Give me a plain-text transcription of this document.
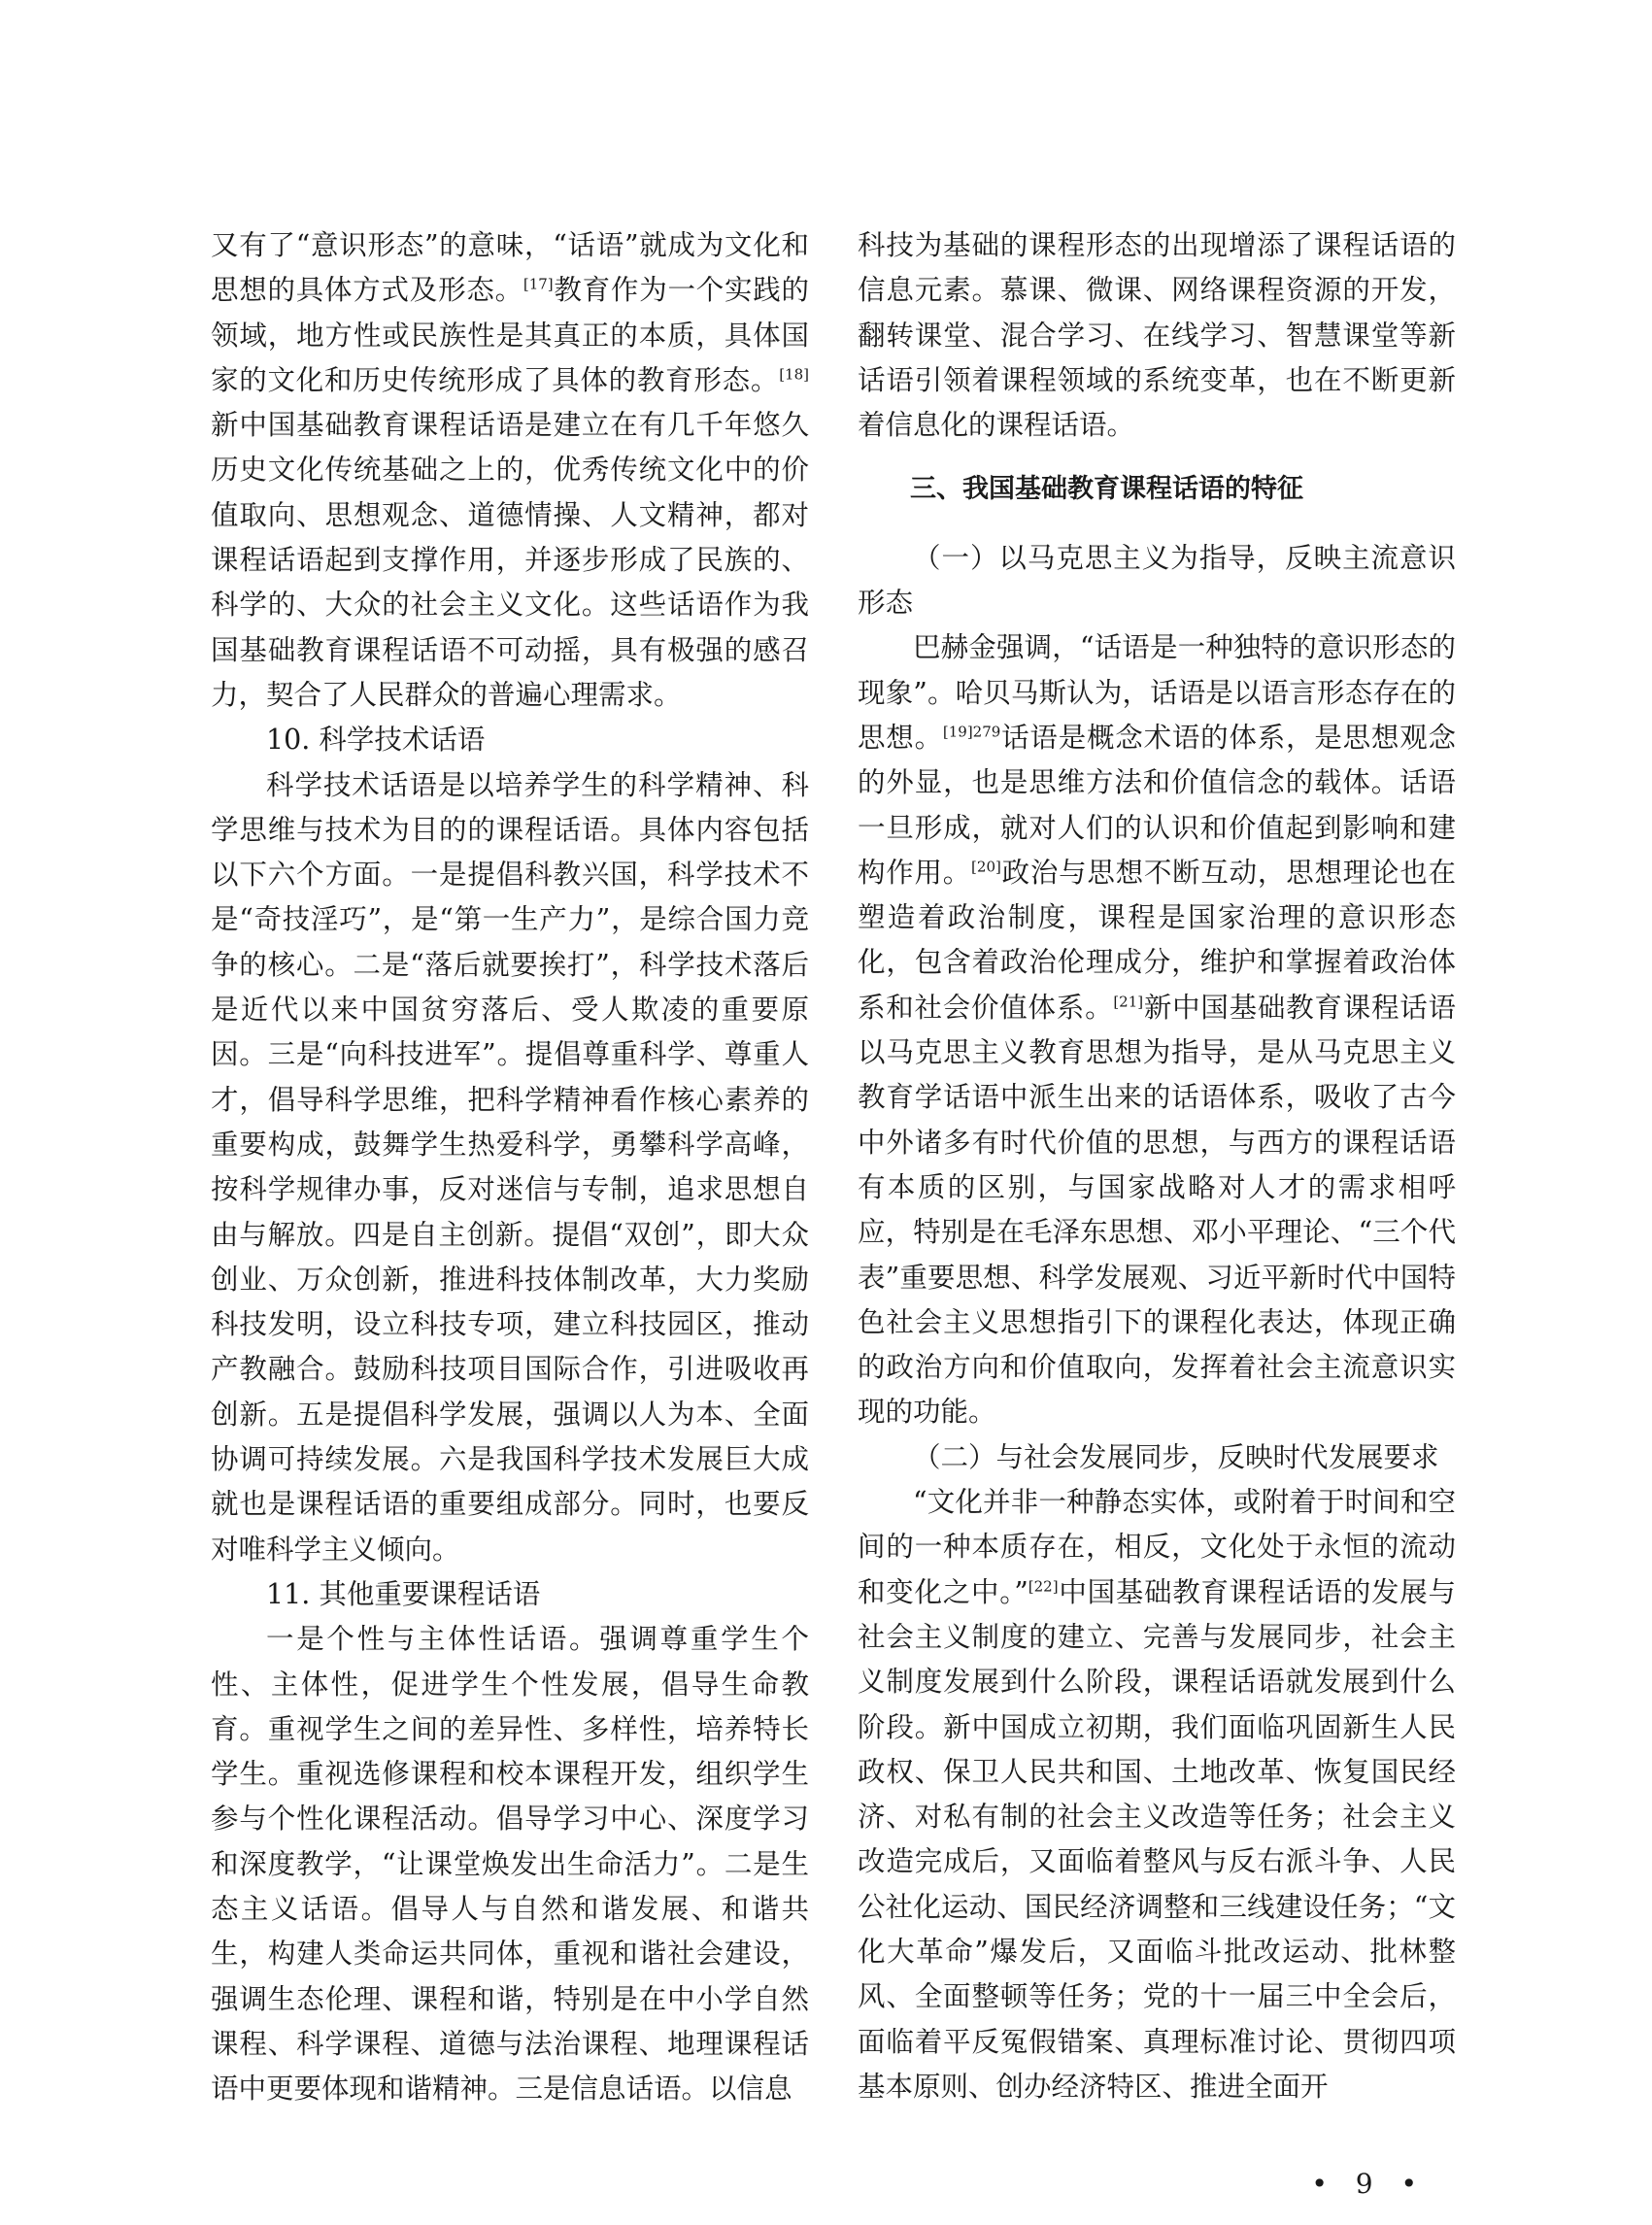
又有了“意识形态”的意味，“话语”就成为文化和思想的具体方式及形态。[17]教育作为一个实践的领域，地方性或民族性是其真正的本质，具体国家的文化和历史传统形成了具体的教育形态。[18]新中国基础教育课程话语是建立在有几千年悠久历史文化传统基础之上的，优秀传统文化中的价值取向、思想观念、道德情操、人文精神，都对课程话语起到支撑作用，并逐步形成了民族的、科学的、大众的社会主义文化。这些话语作为我国基础教育课程话语不可动摇，具有极强的感召力，契合了人民群众的普遍心理需求。

10. 科学技术话语

科学技术话语是以培养学生的科学精神、科学思维与技术为目的的课程话语。具体内容包括以下六个方面。一是提倡科教兴国，科学技术不是“奇技淫巧”，是“第一生产力”，是综合国力竞争的核心。二是“落后就要挨打”，科学技术落后是近代以来中国贫穷落后、受人欺凌的重要原因。三是“向科技进军”。提倡尊重科学、尊重人才，倡导科学思维，把科学精神看作核心素养的重要构成，鼓舞学生热爱科学，勇攀科学高峰，按科学规律办事，反对迷信与专制，追求思想自由与解放。四是自主创新。提倡“双创”，即大众创业、万众创新，推进科技体制改革，大力奖励科技发明，设立科技专项，建立科技园区，推动产教融合。鼓励科技项目国际合作，引进吸收再创新。五是提倡科学发展，强调以人为本、全面协调可持续发展。六是我国科学技术发展巨大成就也是课程话语的重要组成部分。同时，也要反对唯科学主义倾向。

11. 其他重要课程话语

一是个性与主体性话语。强调尊重学生个性、主体性，促进学生个性发展，倡导生命教育。重视学生之间的差异性、多样性，培养特长学生。重视选修课程和校本课程开发，组织学生参与个性化课程活动。倡导学习中心、深度学习和深度教学，“让课堂焕发出生命活力”。二是生态主义话语。倡导人与自然和谐发展、和谐共生，构建人类命运共同体，重视和谐社会建设，强调生态伦理、课程和谐，特别是在中小学自然课程、科学课程、道德与法治课程、地理课程话语中更要体现和谐精神。三是信息话语。以信息

科技为基础的课程形态的出现增添了课程话语的信息元素。慕课、微课、网络课程资源的开发，翻转课堂、混合学习、在线学习、智慧课堂等新话语引领着课程领域的系统变革，也在不断更新着信息化的课程话语。

三、我国基础教育课程话语的特征
（一）以马克思主义为指导，反映主流意识形态

巴赫金强调，“话语是一种独特的意识形态的现象”。哈贝马斯认为，话语是以语言形态存在的思想。$^{[19]279}$话语是概念术语的体系，是思想观念的外显，也是思维方法和价值信念的载体。话语一旦形成，就对人们的认识和价值起到影响和建构作用。[20]政治与思想不断互动，思想理论也在塑造着政治制度，课程是国家治理的意识形态化，包含着政治伦理成分，维护和掌握着政治体系和社会价值体系。[21]新中国基础教育课程话语以马克思主义教育思想为指导，是从马克思主义教育学话语中派生出来的话语体系，吸收了古今中外诸多有时代价值的思想，与西方的课程话语有本质的区别，与国家战略对人才的需求相呼应，特别是在毛泽东思想、邓小平理论、“三个代表”重要思想、科学发展观、习近平新时代中国特色社会主义思想指引下的课程化表达，体现正确的政治方向和价值取向，发挥着社会主流意识实现的功能。

（二）与社会发展同步，反映时代发展要求

“文化并非一种静态实体，或附着于时间和空间的一种本质存在，相反，文化处于永恒的流动和变化之中。”[22]中国基础教育课程话语的发展与社会主义制度的建立、完善与发展同步，社会主义制度发展到什么阶段，课程话语就发展到什么阶段。新中国成立初期，我们面临巩固新生人民政权、保卫人民共和国、土地改革、恢复国民经济、对私有制的社会主义改造等任务；社会主义改造完成后，又面临着整风与反右派斗争、人民公社化运动、国民经济调整和三线建设任务；“文化大革命”爆发后，又面临斗批改运动、批林整风、全面整顿等任务；党的十一届三中全会后，面临着平反冤假错案、真理标准讨论、贯彻四项基本原则、创办经济特区、推进全面开

• 9 •
